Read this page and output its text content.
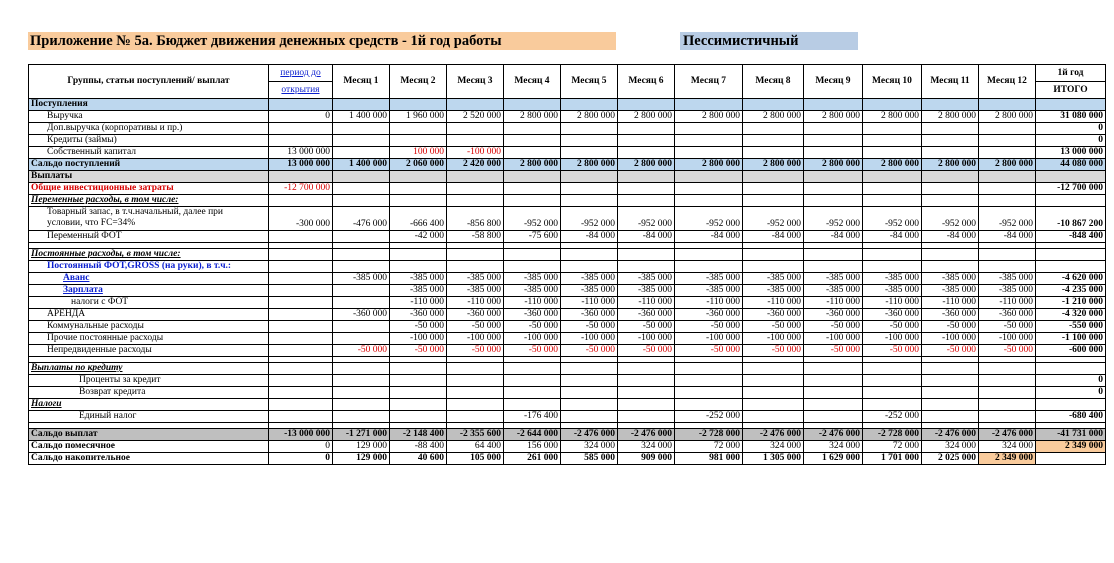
Приложение № 5а. Бюджет движения денежных средств - 1й год работы	Пессимистичный
Группы, статьи поступлений/ выплат	период до	Месяц 1	Месяц 2	Месяц 3	Месяц 4	Месяц 5	Месяц 6	Месяц 7	Месяц 8	Месяц 9	Месяц 10	Месяц 11	Месяц 12	1й год
	открытия													ИТОГО
Поступления														
Выручка	0	1 400 000	1 960 000	2 520 000	2 800 000	2 800 000	2 800 000	2 800 000	2 800 000	2 800 000	2 800 000	2 800 000	2 800 000	31 080 000
Доп.выручка (корпоративы и пр.)														0
Кредиты (займы)														0
Собственный капитал	13 000 000		100 000	-100 000										13 000 000
Сальдо поступлений	13 000 000	1 400 000	2 060 000	2 420 000	2 800 000	2 800 000	2 800 000	2 800 000	2 800 000	2 800 000	2 800 000	2 800 000	2 800 000	44 080 000
Выплаты														
Общие инвестиционные затраты	-12 700 000													-12 700 000
Переменные расходы, в том числе:														
Товарный запас, в т.ч.начальный, далее при
условии, что FC=34%	-300 000	-476 000	-666 400	-856 800	-952 000	-952 000	-952 000	-952 000	-952 000	-952 000	-952 000	-952 000	-952 000	-10 867 200
Переменный ФОТ			-42 000	-58 800	-75 600	-84 000	-84 000	-84 000	-84 000	-84 000	-84 000	-84 000	-84 000	-848 400

Постоянные расходы, в том числе:														
Постоянный ФОТ,GROSS (на руки), в т.ч.:														
Аванс		-385 000	-385 000	-385 000	-385 000	-385 000	-385 000	-385 000	-385 000	-385 000	-385 000	-385 000	-385 000	-4 620 000
Зарплата			-385 000	-385 000	-385 000	-385 000	-385 000	-385 000	-385 000	-385 000	-385 000	-385 000	-385 000	-4 235 000
налоги с ФОТ			-110 000	-110 000	-110 000	-110 000	-110 000	-110 000	-110 000	-110 000	-110 000	-110 000	-110 000	-1 210 000
АРЕНДА		-360 000	-360 000	-360 000	-360 000	-360 000	-360 000	-360 000	-360 000	-360 000	-360 000	-360 000	-360 000	-4 320 000
Коммунальные расходы			-50 000	-50 000	-50 000	-50 000	-50 000	-50 000	-50 000	-50 000	-50 000	-50 000	-50 000	-550 000
Прочие постоянные расходы			-100 000	-100 000	-100 000	-100 000	-100 000	-100 000	-100 000	-100 000	-100 000	-100 000	-100 000	-1 100 000
Непредвиденные расходы		-50 000	-50 000	-50 000	-50 000	-50 000	-50 000	-50 000	-50 000	-50 000	-50 000	-50 000	-50 000	-600 000

Выплаты по кредиту														
Проценты за кредит														0
Возврат кредита														0
Налоги														
Единый налог					-176 400			-252 000			-252 000			-680 400

Сальдо выплат	-13 000 000	-1 271 000	-2 148 400	-2 355 600	-2 644 000	-2 476 000	-2 476 000	-2 728 000	-2 476 000	-2 476 000	-2 728 000	-2 476 000	-2 476 000	-41 731 000
Сальдо помесячное	0	129 000	-88 400	64 400	156 000	324 000	324 000	72 000	324 000	324 000	72 000	324 000	324 000	2 349 000
Сальдо накопительное	0	129 000	40 600	105 000	261 000	585 000	909 000	981 000	1 305 000	1 629 000	1 701 000	2 025 000	2 349 000	
